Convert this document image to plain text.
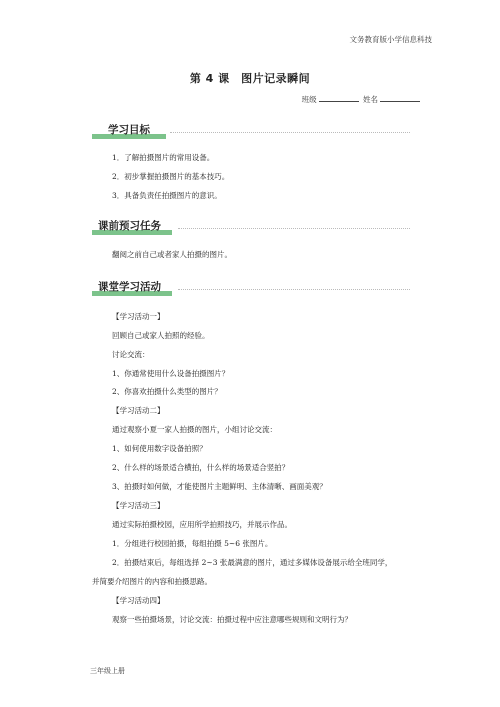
文务教育版小学信息科技
第 4 课　图片记录瞬间
班级	姓名
学习目标
1．了解拍摄图片的常用设备。
2．初步掌握拍摄图片的基本技巧。
3．具备负责任拍摄图片的意识。
课前预习任务
翻阅之前自己或者家人拍摄的图片。
课堂学习活动
【学习活动一】
回顾自己或家人拍照的经验。
讨论交流：
1、你通常使用什么设备拍摄图片？
2、你喜欢拍摄什么类型的图片？
【学习活动二】
通过观察小夏一家人拍摄的图片，小组讨论交流：
1、如何使用数字设备拍照？
2、什么样的场景适合横拍，什么样的场景适合竖拍？
3、拍摄时如何做，才能使图片主题鲜明、主体清晰、画面美观？
【学习活动三】
通过实际拍摄校园，应用所学拍照技巧，并展示作品。
1．分组进行校园拍摄，每组拍摄 5~6 张图片。
2．拍摄结束后，每组选择 2~3 张最满意的图片，通过多媒体设备展示给全班同学，
并简要介绍图片的内容和拍摄思路。
【学习活动四】
观察一些拍摄场景，讨论交流：拍摄过程中应注意哪些规则和文明行为？
三年级上册
